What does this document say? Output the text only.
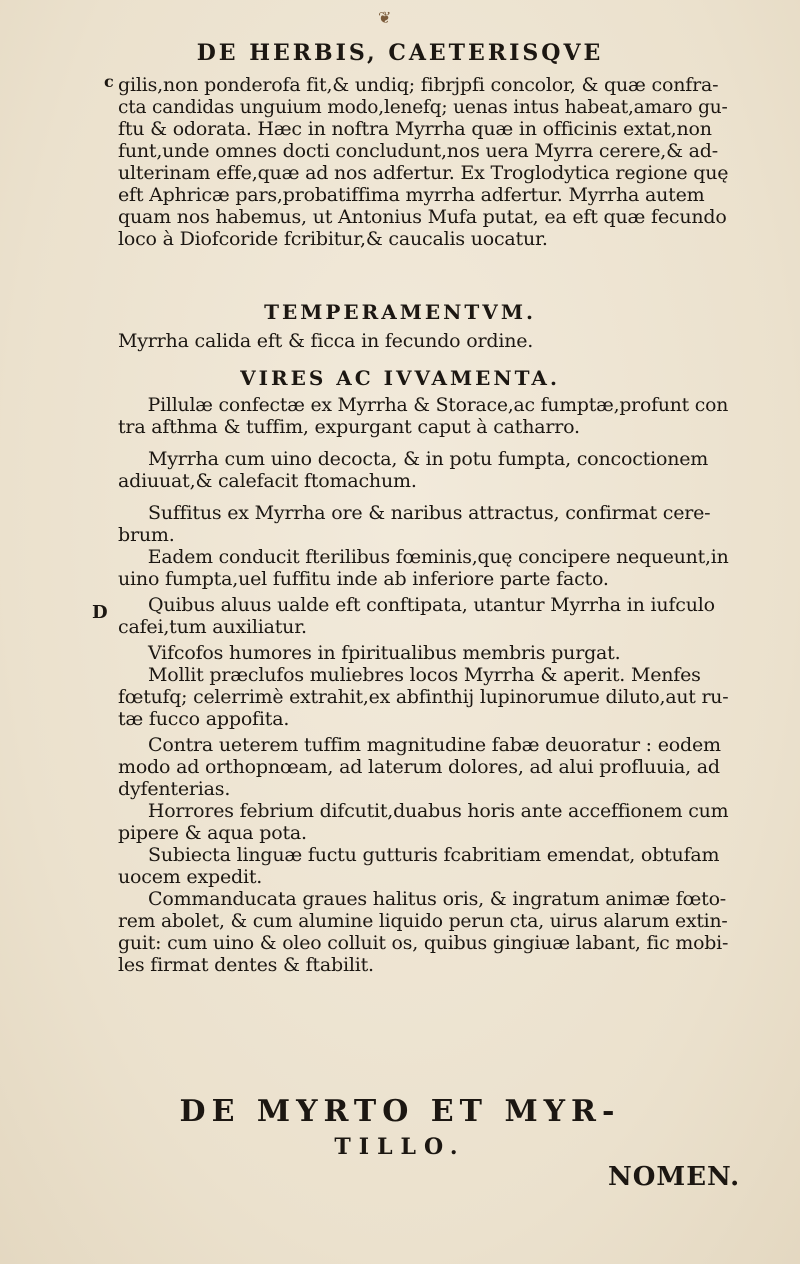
❦
DE HERBIS, CAETERISQVE
c
D
gilis,non ponderofa fit,& undiq; fibrjpfi concolor, & quæ confra-
cta candidas unguium modo,lenefq; uenas intus habeat,amaro gu-
ftu & odorata. Hæc in noftra Myrrha quæ in officinis extat,non
funt,unde omnes docti concludunt,nos uera Myrra cerere,& ad-
ulterinam effe,quæ ad nos adfertur. Ex Troglodytica regione quę
eft Aphricæ pars,probatiffima myrrha adfertur. Myrrha autem
quam nos habemus, ut Antonius Mufa putat, ea eft quæ fecundo
loco à Diofcoride fcribitur,& caucalis uocatur.
TEMPERAMENTVM.
Myrrha calida eft & ficca in fecundo ordine.
VIRES AC IVVAMENTA.
Pillulæ confectæ ex Myrrha & Storace,ac fumptæ,profunt con
tra afthma & tuffim, expurgant caput à catharro.
Myrrha cum uino decocta, & in potu fumpta, concoctionem
adiuuat,& calefacit ftomachum.
Suffitus ex Myrrha ore & naribus attractus, confirmat cere-
brum.
Eadem conducit fterilibus fœminis,quę concipere nequeunt,in
uino fumpta,uel fuffitu inde ab inferiore parte facto.
Quibus aluus ualde eft conftipata, utantur Myrrha in iufculo
cafei,tum auxiliatur.
Vifcofos humores in fpiritualibus membris purgat.
Mollit præclufos muliebres locos Myrrha & aperit. Menfes
fœtufq; celerrimè extrahit,ex abfinthij lupinorumue diluto,aut ru-
tæ fucco appofita.
Contra ueterem tuffim magnitudine fabæ deuoratur : eodem
modo ad orthopnœam, ad laterum dolores, ad alui profluuia, ad
dyfenterias.
Horrores febrium difcutit,duabus horis ante acceffionem cum
pipere & aqua pota.
Subiecta linguæ fuctu gutturis fcabritiam emendat, obtufam
uocem expedit.
Commanducata graues halitus oris, & ingratum animæ fœto-
rem abolet, & cum alumine liquido perun cta, uirus alarum extin-
guit: cum uino & oleo colluit os, quibus gingiuæ labant, fic mobi-
les firmat dentes & ftabilit.
DE MYRTO ET MYR-
TILLO.
NOMEN.
